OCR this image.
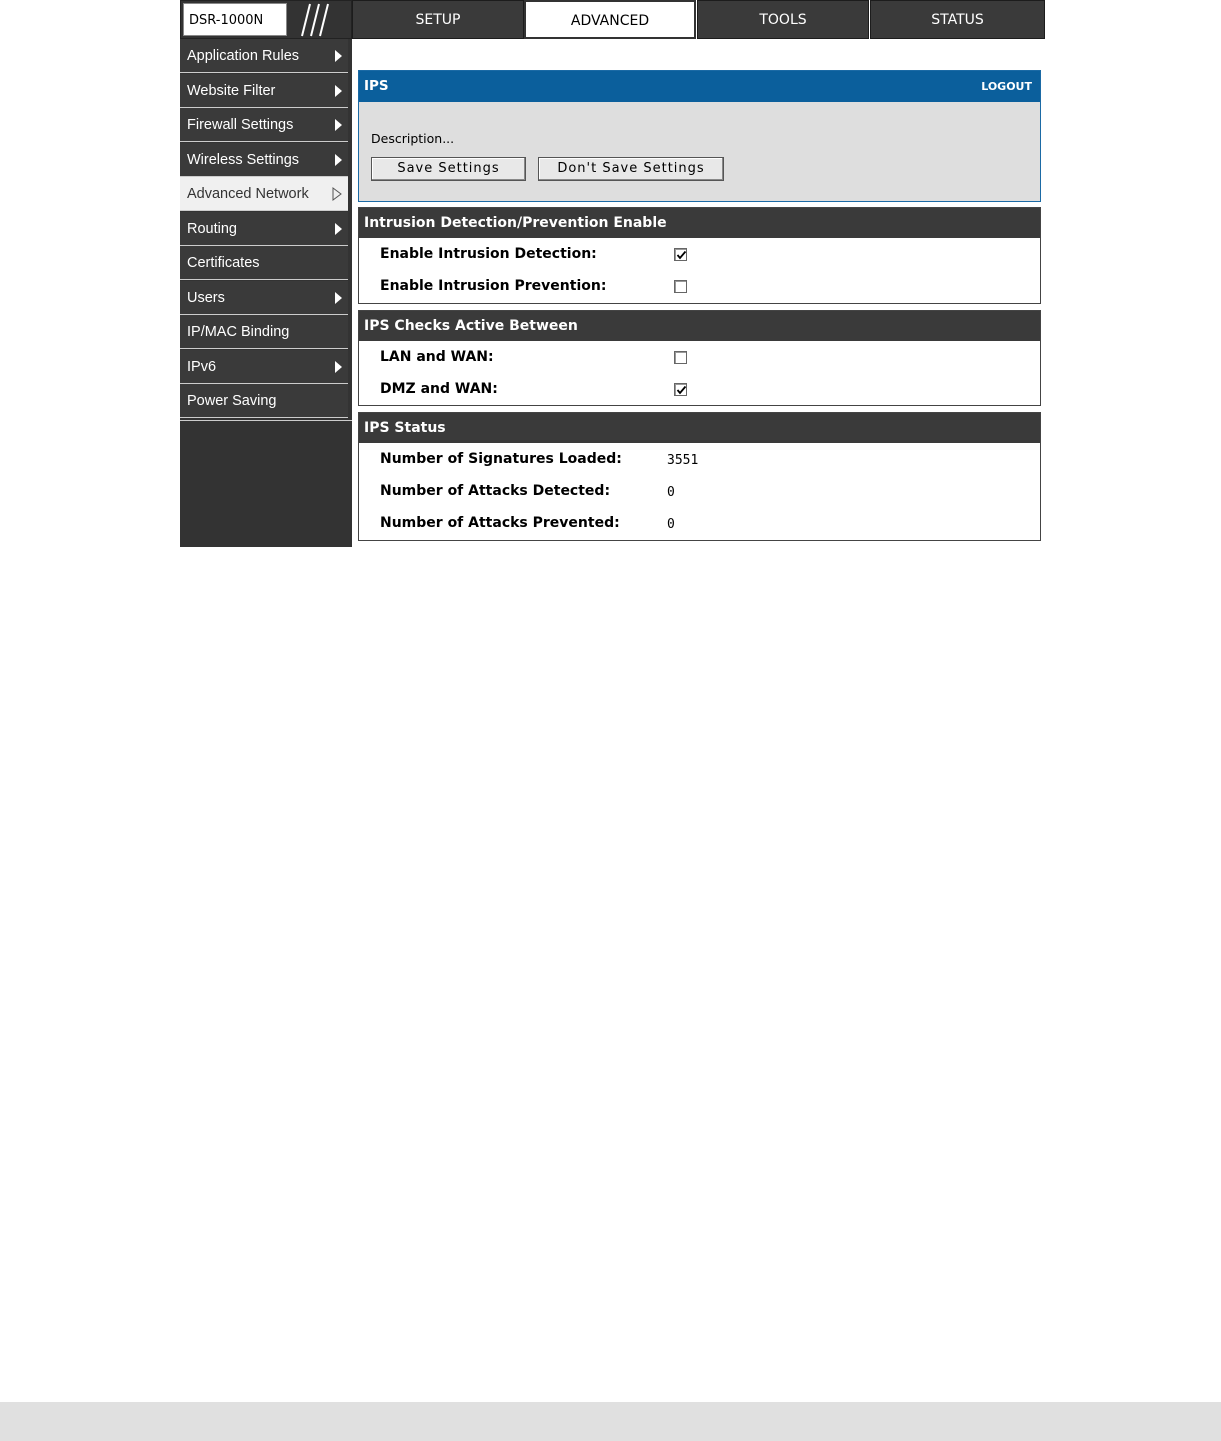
DSR-1000N	SETUP	ADVANCED	TOOLS	STATUS
Application Rules
Website Filter
Firewall Settings
Wireless Settings
Advanced Network
Routing
Certificates
Users
IP/MAC Binding
IPv6
Power Saving
IPS	LOGOUT
Description...
Save Settings	Don't Save Settings
Intrusion Detection/Prevention Enable
Enable Intrusion Detection:
Enable Intrusion Prevention:
IPS Checks Active Between
LAN and WAN:
DMZ and WAN:
IPS Status
Number of Signatures Loaded:	3551
Number of Attacks Detected:	0
Number of Attacks Prevented:	0
